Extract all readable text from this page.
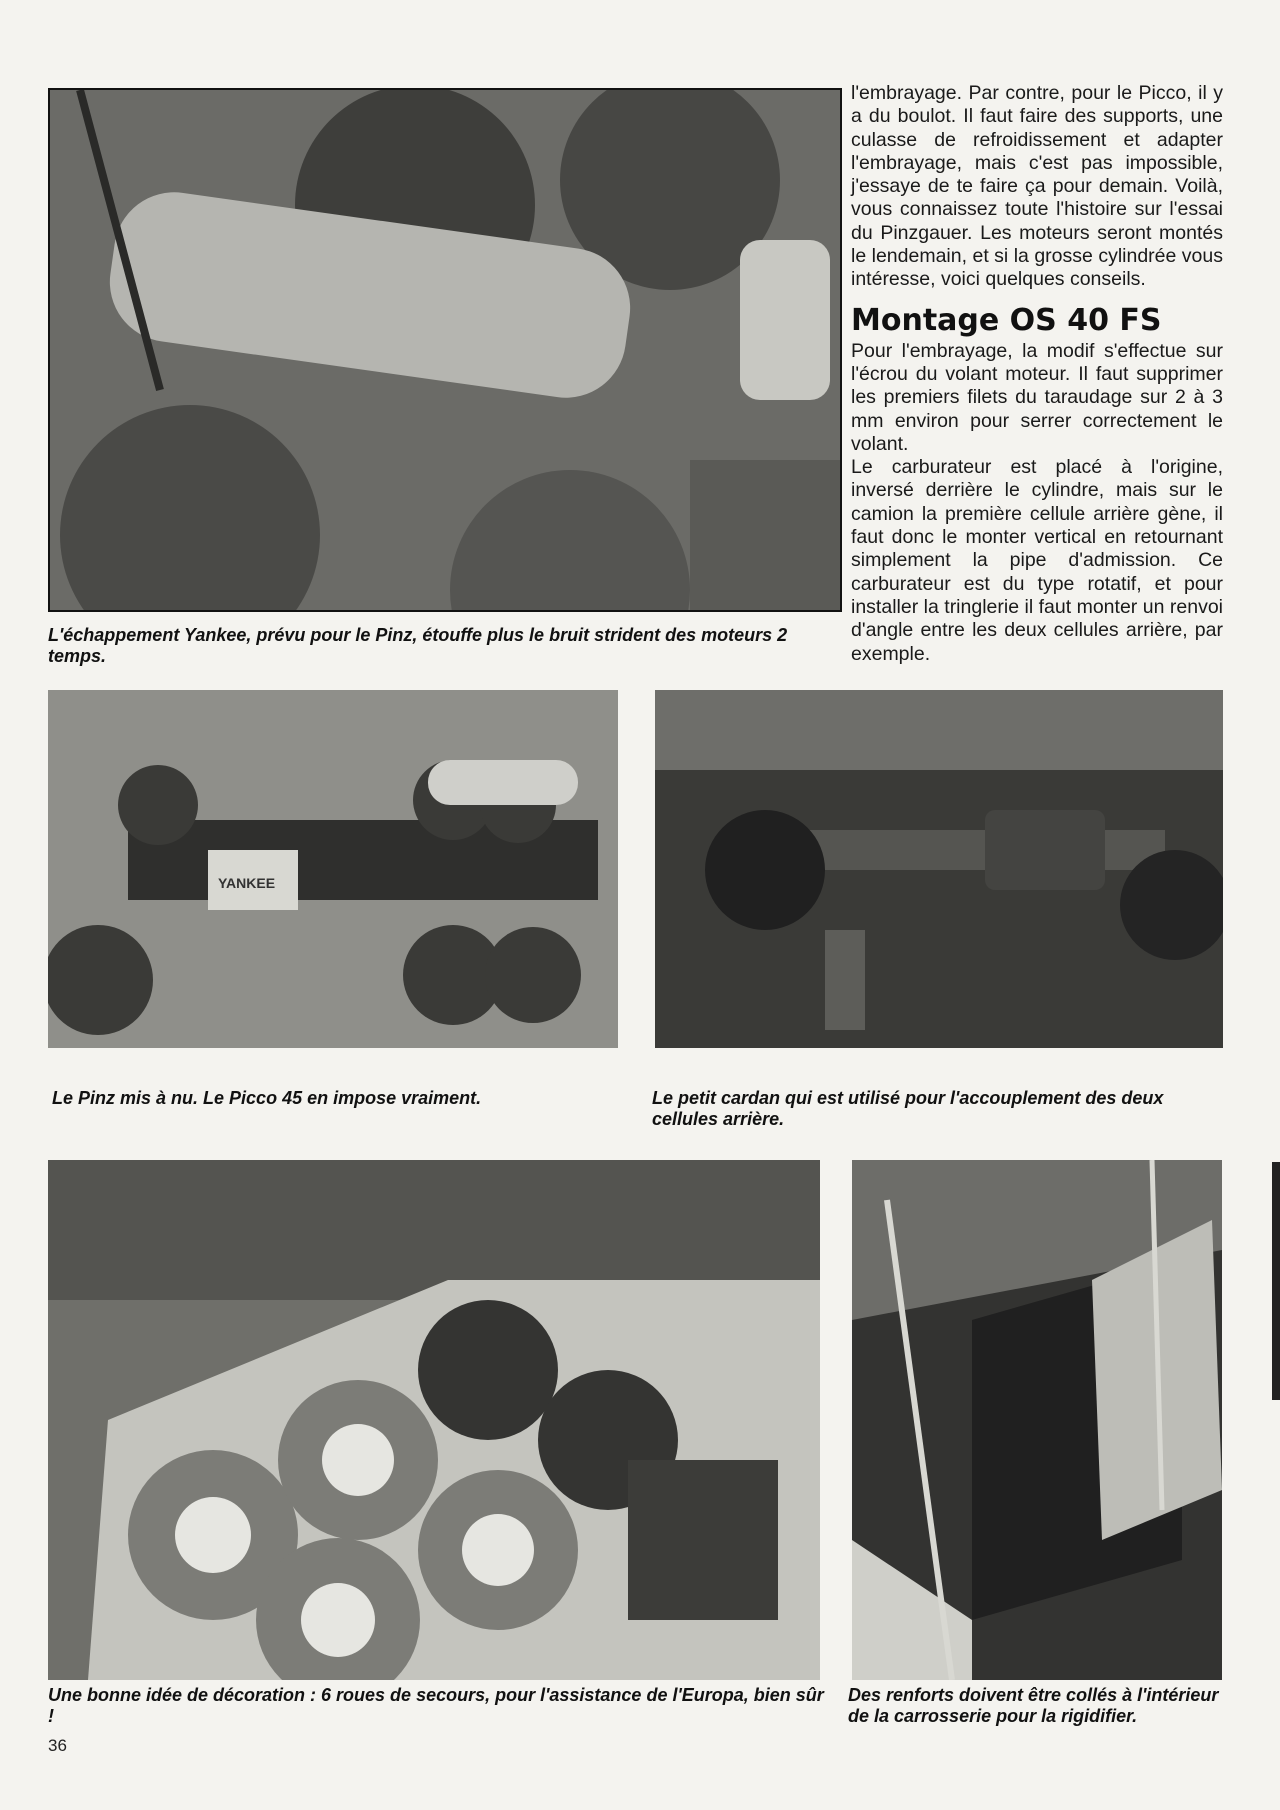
L'échappement Yankee, prévu pour le Pinz, étouffe plus le bruit strident des moteurs 2 temps.

l'embrayage. Par contre, pour le Picco, il y a du boulot. Il faut faire des supports, une culasse de refroidissement et adapter l'embrayage, mais c'est pas impossible, j'essaye de te faire ça pour demain. Voilà, vous connaissez toute l'histoire sur l'essai du Pinzgauer. Les moteurs seront montés le lendemain, et si la grosse cylindrée vous intéresse, voici quelques conseils.

Montage OS 40 FS

Pour l'embrayage, la modif s'effectue sur l'écrou du volant moteur. Il faut supprimer les premiers filets du taraudage sur 2 à 3 mm environ pour serrer correctement le volant.

Le carburateur est placé à l'origine, inversé derrière le cylindre, mais sur le camion la première cellule arrière gène, il faut donc le monter vertical en retournant simplement la pipe d'admission. Ce carburateur est du type rotatif, et pour installer la tringlerie il faut monter un renvoi d'angle entre les deux cellules arrière, par exemple.

YANKEE

Le Pinz mis à nu. Le Picco 45 en impose vraiment.	Le petit cardan qui est utilisé pour l'accouplement des deux cellules arrière.

Une bonne idée de décoration : 6 roues de secours, pour l'assistance de l'Europa, bien sûr !

Des renforts doivent être collés à l'intérieur de la carrosserie pour la rigidifier.

36
